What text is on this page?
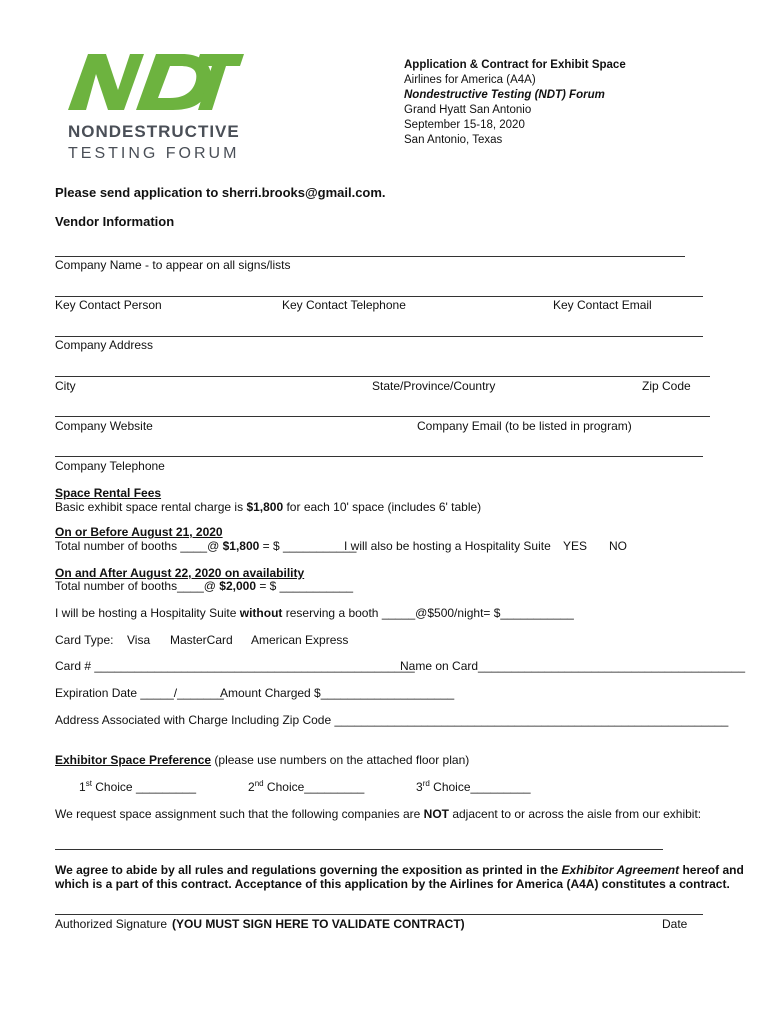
NONDESTRUCTIVE
TESTING FORUM
Application & Contract for Exhibit Space
Airlines for America (A4A)
Nondestructive Testing (NDT) Forum
Grand Hyatt San Antonio
September 15-18, 2020
San Antonio, Texas
Please send application to sherri.brooks@gmail.com.
Vendor Information
Company Name - to appear on all signs/lists
Key Contact Person	Key Contact Telephone	Key Contact Email
Company Address
City	State/Province/Country	Zip Code
Company Website	Company Email (to be listed in program)
Company Telephone
Space Rental Fees
Basic exhibit space rental charge is $1,800 for each 10' space (includes 6' table)
On or Before August 21, 2020
Total number of booths ____@ $1,800 = $ ___________
I will also be hosting a Hospitality Suite YES NO
On and After August 22, 2020 on availability
Total number of booths____@ $2,000 = $ ___________
I will be hosting a Hospitality Suite without reserving a booth _____@$500/night= $___________
Card Type: Visa MasterCard American Express
Card # ________________________________________________
Name on Card________________________________________
Expiration Date _____/_______
Amount Charged $____________________
Address Associated with Charge Including Zip Code ___________________________________________________________
Exhibitor Space Preference (please use numbers on the attached floor plan)
1st Choice _________	2nd Choice_________	3rd Choice_________
We request space assignment such that the following companies are NOT adjacent to or across the aisle from our exhibit:
We agree to abide by all rules and regulations governing the exposition as printed in the Exhibitor Agreement hereof and
which is a part of this contract. Acceptance of this application by the Airlines for America (A4A) constitutes a contract.
Authorized Signature (YOU MUST SIGN HERE TO VALIDATE CONTRACT)	Date
